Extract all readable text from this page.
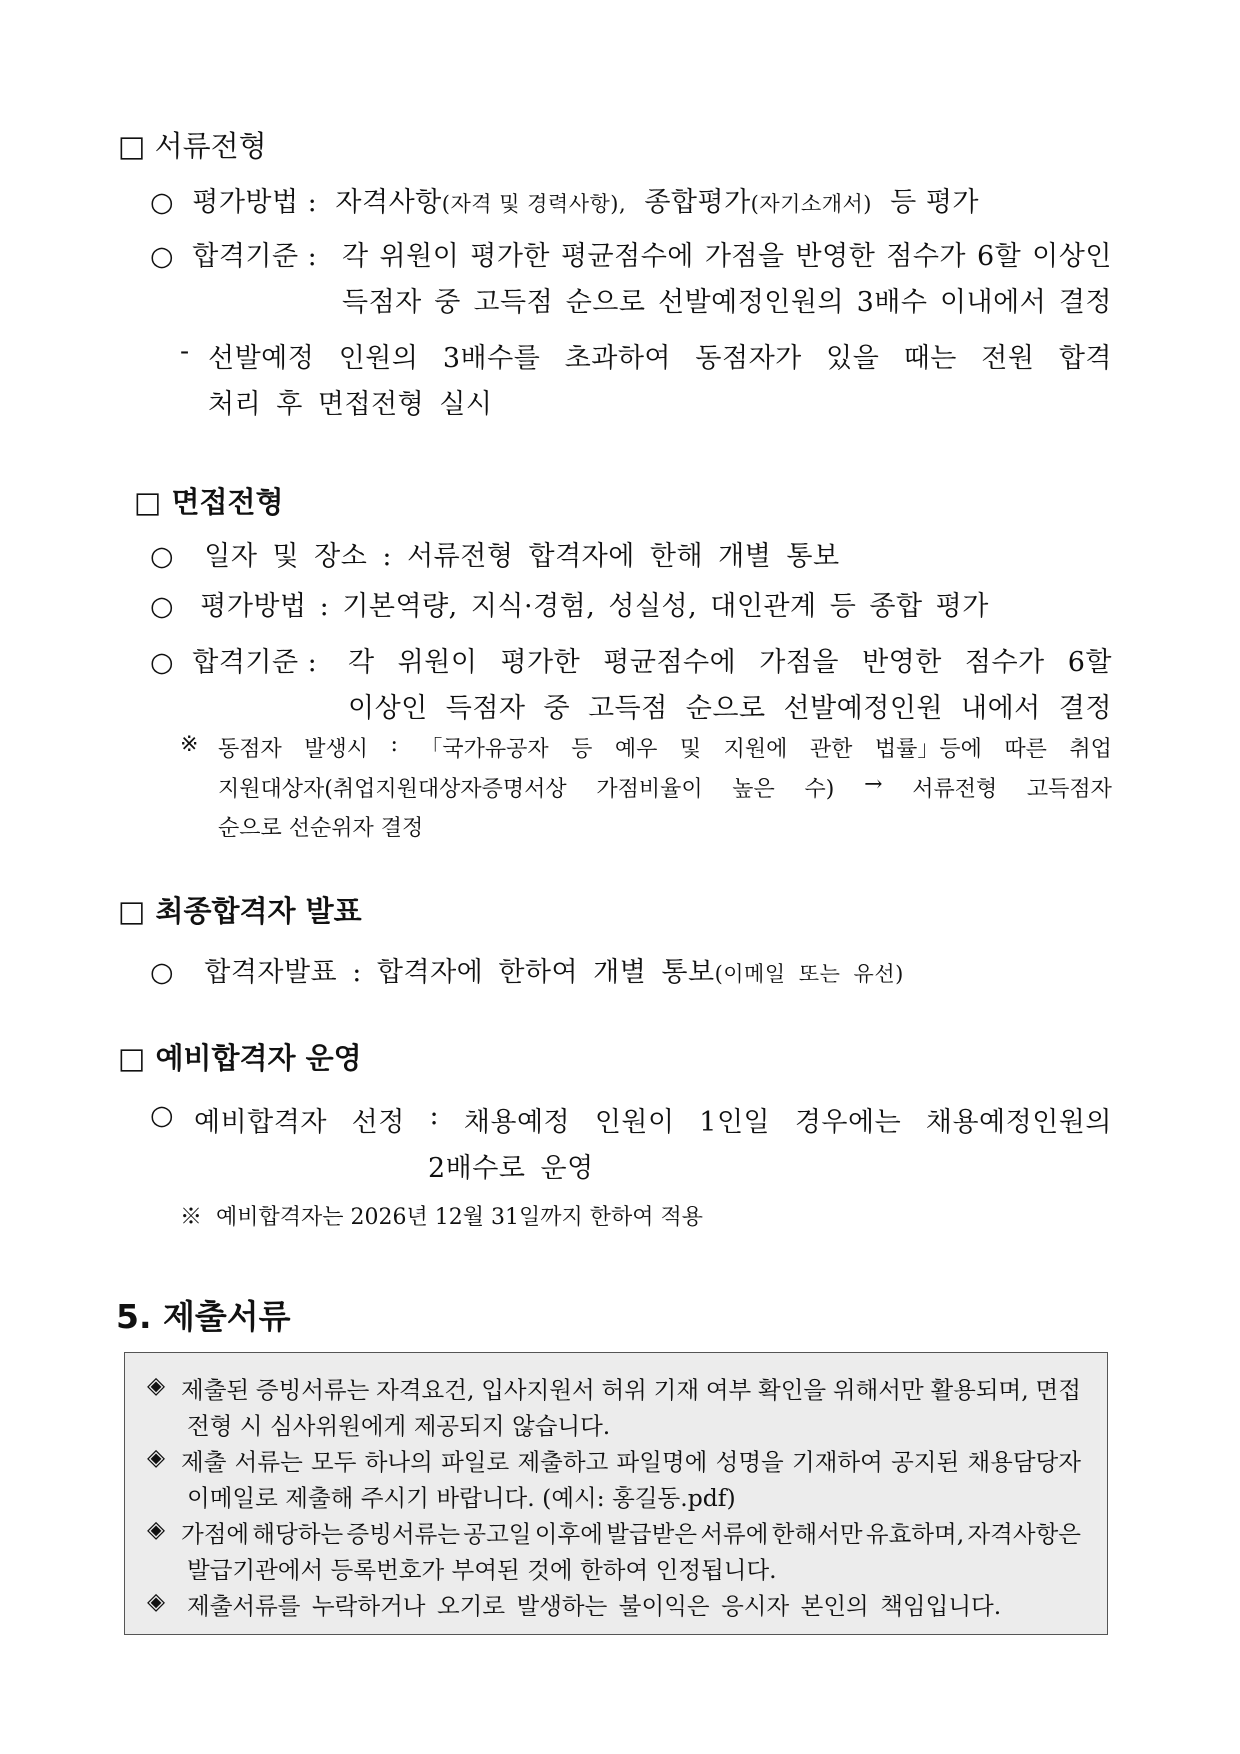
□ 서류전형
○ 평가방법 : 자격사항(자격 및 경력사항), 종합평가(자기소개서) 등 평가
○ 합격기준 : 각 위원이 평가한 평균점수에 가점을 반영한 점수가 6할 이상인
득점자 중 고득점 순으로 선발예정인원의 3배수 이내에서 결정
- 선발예정 인원의 3배수를 초과하여 동점자가 있을 때는 전원 합격
처리 후 면접전형 실시
□ 면접전형
○ 일자 및 장소 : 서류전형 합격자에 한해 개별 통보
○ 평가방법 : 기본역량, 지식·경험, 성실성, 대인관계 등 종합 평가
○ 합격기준 : 각 위원이 평가한 평균점수에 가점을 반영한 점수가 6할
이상인 득점자 중 고득점 순으로 선발예정인원 내에서 결정
※ 동점자 발생시 : 「국가유공자 등 예우 및 지원에 관한 법률」등에 따른 취업
지원대상자(취업지원대상자증명서상 가점비율이 높은 수) → 서류전형 고득점자
순으로 선순위자 결정
□ 최종합격자 발표
○ 합격자발표 : 합격자에 한하여 개별 통보(이메일 또는 유선)
□ 예비합격자 운영
○ 예비합격자 선정 : 채용예정 인원이 1인일 경우에는 채용예정인원의
2배수로 운영
※ 예비합격자는 2026년 12월 31일까지 한하여 적용
5. 제출서류
◈ 제출된 증빙서류는 자격요건, 입사지원서 허위 기재 여부 확인을 위해서만 활용되며, 면접
전형 시 심사위원에게 제공되지 않습니다.
◈ 제출 서류는 모두 하나의 파일로 제출하고 파일명에 성명을 기재하여 공지된 채용담당자
이메일로 제출해 주시기 바랍니다. (예시: 홍길동.pdf)
◈ 가점에 해당하는 증빙서류는 공고일 이후에 발급받은 서류에 한해서만 유효하며, 자격사항은
발급기관에서 등록번호가 부여된 것에 한하여 인정됩니다.
◈ 제출서류를 누락하거나 오기로 발생하는 불이익은 응시자 본인의 책임입니다.
